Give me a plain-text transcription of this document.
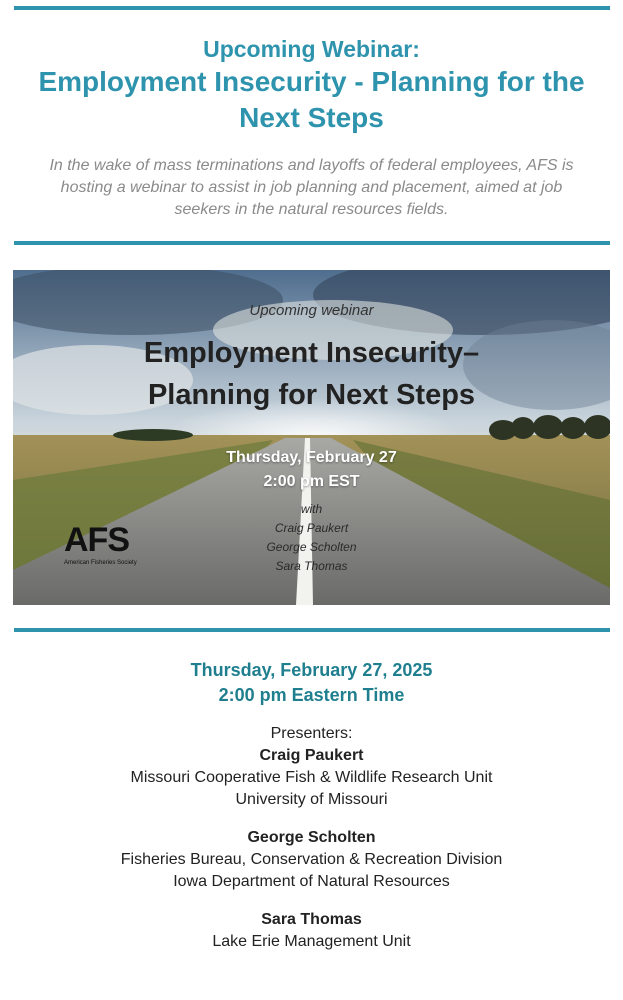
Upcoming Webinar:
Employment Insecurity - Planning for the
Next Steps
In the wake of mass terminations and layoffs of federal employees, AFS is
hosting a webinar to assist in job planning and placement, aimed at job
seekers in the natural resources fields.
Upcoming webinar
Employment Insecurity–
Planning for Next Steps
Thursday, February 27
2:00 pm EST
with
Craig Paukert
George Scholten
Sara Thomas
AFS
American Fisheries Society
Thursday, February 27, 2025
2:00 pm Eastern Time
Presenters:
Craig Paukert
Missouri Cooperative Fish & Wildlife Research Unit
University of Missouri
George Scholten
Fisheries Bureau, Conservation & Recreation Division
Iowa Department of Natural Resources
Sara Thomas
Lake Erie Management Unit
